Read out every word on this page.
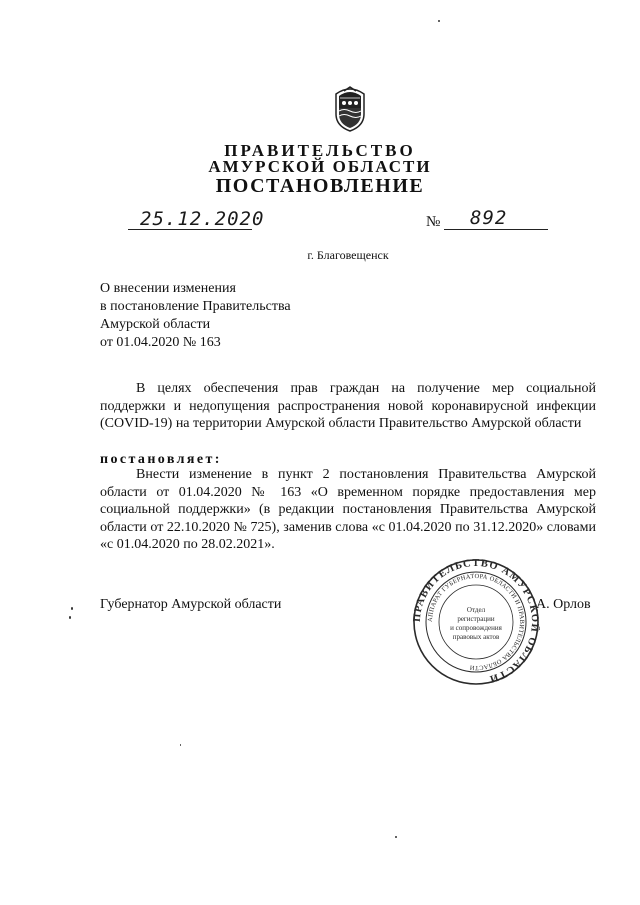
ПРАВИТЕЛЬСТВО
АМУРСКОЙ ОБЛАСТИ
ПОСТАНОВЛЕНИЕ
25.12.2020	№ 892
г. Благовещенск
О внесении изменения
в постановление Правительства
Амурской области
от 01.04.2020 № 163
В целях обеспечения прав граждан на получение мер социальной поддержки и недопущения распространения новой коронавирусной инфекции (COVID-19) на территории Амурской области Правительство Амурской области
постановляет:
Внести изменение в пункт 2 постановления Правительства Амурской области от 01.04.2020 № 163 «О временном порядке предоставления мер социальной поддержки» (в редакции постановления Правительства Амурской области от 22.10.2020 № 725), заменив слова «с 01.04.2020 по 31.12.2020» словами «с 01.04.2020 по 28.02.2021».
Губернатор Амурской области
ПРАВИТЕЛЬСТВО АМУРСКОЙ ОБЛАСТИ
АППАРАТ ГУБЕРНАТОРА ОБЛАСТИ И ПРАВИТЕЛЬСТВА ОБЛАСТИ
Отдел
регистрации
и сопровождения
правовых актов
А. Орлов
